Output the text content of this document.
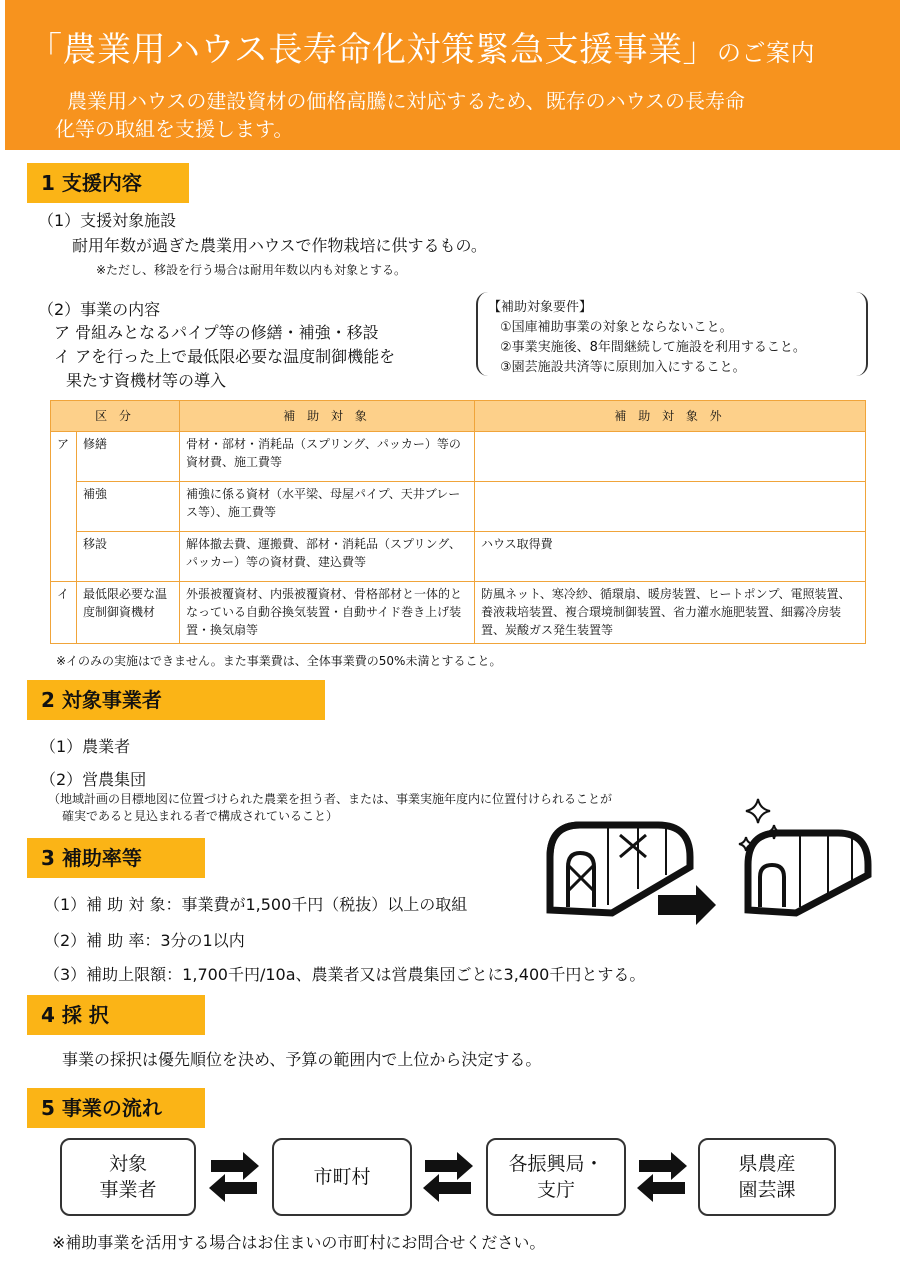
「農業用ハウス長寿命化対策緊急支援事業」のご案内
農業用ハウスの建設資材の価格高騰に対応するため、既存のハウスの長寿命
化等の取組を支援します。
1 支援内容
（1）支援対象施設
耐用年数が過ぎた農業用ハウスで作物栽培に供するもの。
※ただし、移設を行う場合は耐用年数以内も対象とする。
（2）事業の内容
ア 骨組みとなるパイプ等の修繕・補強・移設
イ アを行った上で最低限必要な温度制御機能を
果たす資機材等の導入
【補助対象要件】
①国庫補助事業の対象とならないこと。
②事業実施後、8年間継続して施設を利用すること。
③園芸施設共済等に原則加入にすること。
区 分		補 助 対 象	補 助 対 象 外
ア	修繕	骨材・部材・消耗品（スプリング、パッカー）等の資材費、施工費等	
	補強	補強に係る資材（水平梁、母屋パイプ、天井ブレース等）、施工費等	
	移設	解体撤去費、運搬費、部材・消耗品（スプリング、パッカー）等の資材費、建込費等	ハウス取得費
イ	最低限必要な温度制御資機材	外張被覆資材、内張被覆資材、骨格部材と一体的となっている自動谷換気装置・自動サイド巻き上げ装置・換気扇等	防風ネット、寒冷紗、循環扇、暖房装置、ヒートポンプ、電照装置、養液栽培装置、複合環境制御装置、省力灌水施肥装置、細霧冷房装置、炭酸ガス発生装置等
※イのみの実施はできません。また事業費は、全体事業費の50%未満とすること。
2 対象事業者
（1）農業者
（2）営農集団
（地域計画の目標地図に位置づけられた農業を担う者、または、事業実施年度内に位置付けられることが
確実であると見込まれる者で構成されていること）
3 補助率等
（1）補 助 対 象：事業費が1,500千円（税抜）以上の取組
（2）補 助 率：3分の1以内
（3）補助上限額：1,700千円/10a、農業者又は営農集団ごとに3,400千円とする。
4 採 択
事業の採択は優先順位を決め、予算の範囲内で上位から決定する。
5 事業の流れ
対象
事業者
市町村
各振興局・
支庁
県農産
園芸課
※補助事業を活用する場合はお住まいの市町村にお問合せください。
